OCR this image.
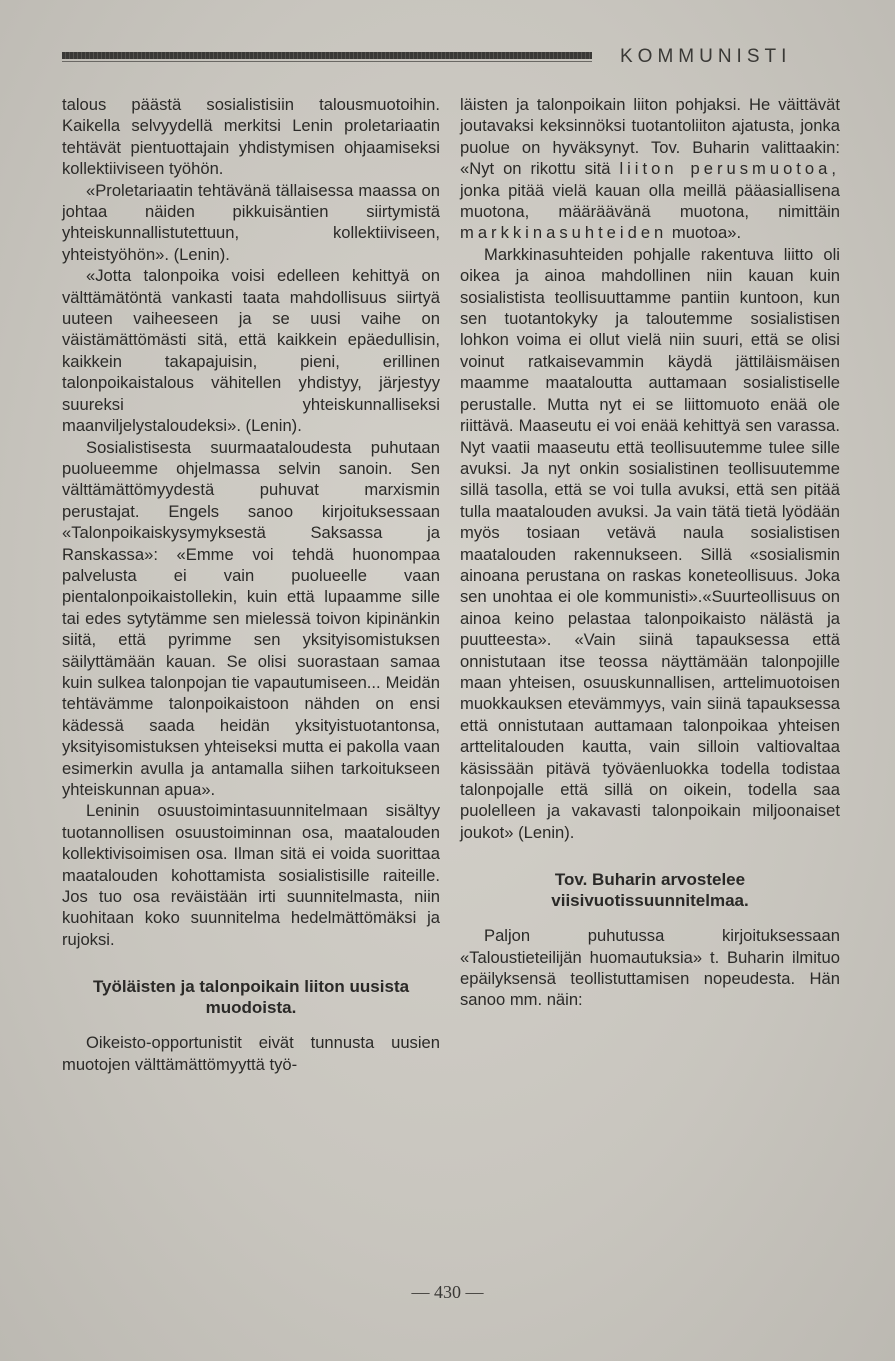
KOMMUNISTI

talous päästä sosialistisiin talousmuotoihin. Kaikella selvyydellä merkitsi Lenin proletariaatin tehtävät pientuottajain yhdistymisen ohjaamiseksi kollektiiviseen työhön.

«Proletariaatin tehtävänä tällaisessa maassa on johtaa näiden pikkuisäntien siirtymistä yhteiskunnallistutettuun, kollektiiviseen, yhteistyöhön». (Lenin).

«Jotta talonpoika voisi edelleen kehittyä on välttämätöntä vankasti taata mahdollisuus siirtyä uuteen vaiheeseen ja se uusi vaihe on väistämättömästi sitä, että kaikkein epäedullisin, kaikkein takapajuisin, pieni, erillinen talonpoikaistalous vähitellen yhdistyy, järjestyy suureksi yhteiskunnalliseksi maanviljelystaloudeksi». (Lenin).

Sosialistisesta suurmaataloudesta puhutaan puolueemme ohjelmassa selvin sanoin. Sen välttämättömyydestä puhuvat marxismin perustajat. Engels sanoo kirjoituksessaan «Talonpoikaiskysymyksestä Saksassa ja Ranskassa»: «Emme voi tehdä huonompaa palvelusta ei vain puolueelle vaan pientalonpoikaistollekin, kuin että lupaamme sille tai edes sytytämme sen mielessä toivon kipinänkin siitä, että pyrimme sen yksityisomistuksen säilyttämään kauan. Se olisi suorastaan samaa kuin sulkea talonpojan tie vapautumiseen... Meidän tehtävämme talonpoikaistoon nähden on ensi kädessä saada heidän yksityistuotantonsa, yksityisomistuksen yhteiseksi mutta ei pakolla vaan esimerkin avulla ja antamalla siihen tarkoitukseen yhteiskunnan apua».

Leninin osuustoimintasuunnitelmaan sisältyy tuotannollisen osuustoiminnan osa, maatalouden kollektivisoimisen osa. Ilman sitä ei voida suorittaa maatalouden kohottamista sosialistisille raiteille. Jos tuo osa reväistään irti suunnitelmasta, niin kuohitaan koko suunnitelma hedelmättömäksi ja rujoksi.

Työläisten ja talonpoikain liiton uusista muodoista.

Oikeisto-opportunistit eivät tunnusta uusien muotojen välttämättömyyttä työ-

läisten ja talonpoikain liiton pohjaksi. He väittävät joutavaksi keksinnöksi tuotantoliiton ajatusta, jonka puolue on hyväksynyt. Tov. Buharin valittaakin: «Nyt on rikottu sitä liiton perusmuotoa, jonka pitää vielä kauan olla meillä pääasiallisena muotona, määräävänä muotona, nimittäin markkinasuhteiden muotoa».

Markkinasuhteiden pohjalle rakentuva liitto oli oikea ja ainoa mahdollinen niin kauan kuin sosialistista teollisuuttamme pantiin kuntoon, kun sen tuotantokyky ja taloutemme sosialistisen lohkon voima ei ollut vielä niin suuri, että se olisi voinut ratkaisevammin käydä jättiläismäisen maamme maataloutta auttamaan sosialistiselle perustalle. Mutta nyt ei se liittomuoto enää ole riittävä. Maaseutu ei voi enää kehittyä sen varassa. Nyt vaatii maaseutu että teollisuutemme tulee sille avuksi. Ja nyt onkin sosialistinen teollisuutemme sillä tasolla, että se voi tulla avuksi, että sen pitää tulla maatalouden avuksi. Ja vain tätä tietä lyödään myös tosiaan vetävä naula sosialistisen maatalouden rakennukseen. Sillä «sosialismin ainoana perustana on raskas koneteollisuus. Joka sen unohtaa ei ole kommunisti».«Suurteollisuus on ainoa keino pelastaa talonpoikaisto nälästä ja puutteesta». «Vain siinä tapauksessa että onnistutaan itse teossa näyttämään talonpojille maan yhteisen, osuuskunnallisen, arttelimuotoisen muokkauksen etevämmyys, vain siinä tapauksessa että onnistutaan auttamaan talonpoikaa yhteisen arttelitalouden kautta, vain silloin valtiovaltaa käsissään pitävä työväenluokka todella todistaa talonpojalle että sillä on oikein, todella saa puolelleen ja vakavasti talonpoikain miljoonaiset joukot» (Lenin).

Tov. Buharin arvostelee viisivuotissuunnitelmaa.

Paljon puhutussa kirjoituksessaan «Taloustieteilijän huomautuksia» t. Buharin ilmituo epäilyksensä teollistuttamisen nopeudesta. Hän sanoo mm. näin:

— 430 —
